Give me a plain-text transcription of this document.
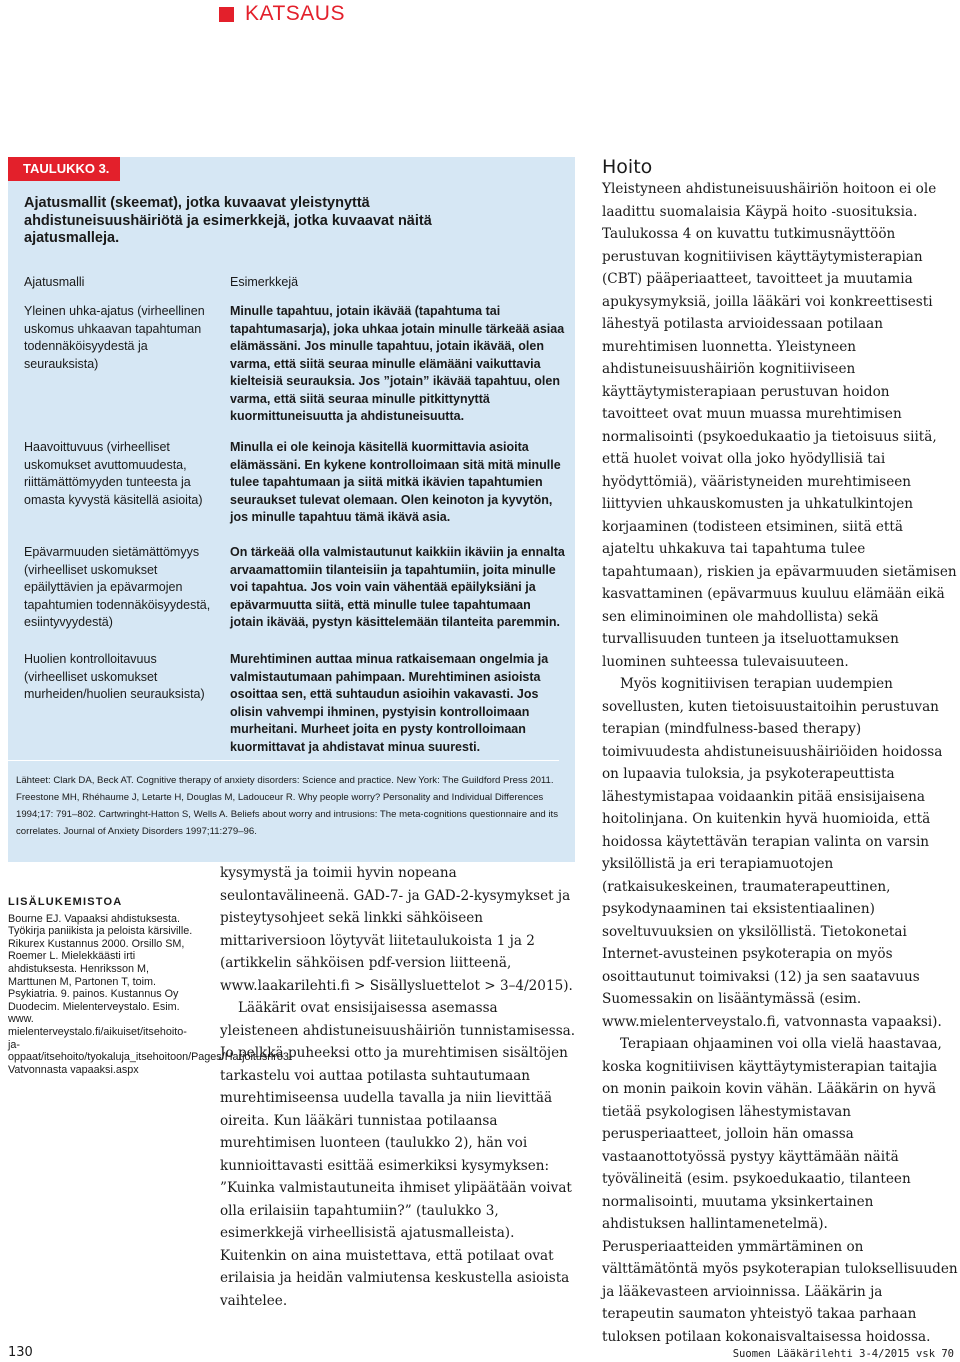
KATSAUS
TAULUKKO 3.
Ajatusmallit (skeemat), jotka kuvaavat yleistynyttä ahdistuneisuushäiriötä ja esimerkkejä, jotka kuvaavat näitä ajatusmalleja.
Ajatusmalli	Esimerkkejä
Yleinen uhka-ajatus (virheellinen uskomus uhkaavan tapahtuman todennäköisyydestä ja seurauksista)
Minulle tapahtuu, jotain ikävää (tapahtuma tai tapahtumasarja), joka uhkaa jotain minulle tärkeää asiaa elämässäni. Jos minulle tapahtuu, jotain ikävää, olen varma, että siitä seuraa minulle elämääni vaikuttavia kielteisiä seurauksia. Jos ”jotain” ikävää tapahtuu, olen varma, että siitä seuraa minulle pitkittynyttä kuormittuneisuutta ja ahdistuneisuutta.
Haavoittuvuus (virheelliset uskomukset avuttomuudesta, riittämättömyyden tunteesta ja omasta kyvystä käsitellä asioita)
Minulla ei ole keinoja käsitellä kuormittavia asioita elämässäni. En kykene kontrolloimaan sitä mitä minulle tulee tapahtumaan ja siitä mitkä ikävien tapahtumien seuraukset tulevat olemaan. Olen keinoton ja kyvytön, jos minulle tapahtuu tämä ikävä asia.
Epävarmuuden sietämättömyys (virheelliset uskomukset epäilyttävien ja epävarmojen tapahtumien todennäköisyydestä, esiintyvyydestä)
On tärkeää olla valmistautunut kaikkiin ikäviin ja ennalta arvaamattomiin tilanteisiin ja tapahtumiin, joita minulle voi tapahtua. Jos voin vain vähentää epäilyksiäni ja epävarmuutta siitä, että minulle tulee tapahtumaan jotain ikävää, pystyn käsittelemään tilanteita paremmin.
Huolien kontrolloitavuus (virheelliset uskomukset murheiden/huolien seurauksista)
Murehtiminen auttaa minua ratkaisemaan ongelmia ja valmistautumaan pahimpaan. Murehtiminen asioista osoittaa sen, että suhtaudun asioihin vakavasti. Jos olisin vahvempi ihminen, pystyisin kontrolloimaan murheitani. Murheet joita en pysty kontrolloimaan kuormittavat ja ahdistavat minua suuresti.
Lähteet: Clark DA, Beck AT. Cognitive therapy of anxiety disorders: Science and practice. New York: The Guildford Press 2011. Freestone MH, Rhéhaume J, Letarte H, Douglas M, Ladouceur R. Why people worry? Personality and Individual Differences 1994;17: 791–802. Cartwringht-Hatton S, Wells A. Beliefs about worry and intrusions: The meta-cognitions questionnaire and its correlates. Journal of Anxiety Disorders 1997;11:279–96.
LISÄLUKEMISTOA
Bourne EJ. Vapaaksi ahdistuksesta. Työkirja paniikista ja peloista kärsiville. Rikurex Kustannus 2000. Orsillo SM, Roemer L. Mielekkäästi irti ahdistuksesta. Henriksson M, Marttunen M, Partonen T, toim. Psykiatria. 9. painos. Kustannus Oy Duodecim. Mielenterveystalo. Esim. www. mielenterveystalo.fi/aikuiset/itsehoito-ja-oppaat/itsehoito/tyokaluja_itsehoitoon/Pages/Harjoitusnro3-Vatvonnasta vapaaksi.aspx

kysymystä ja toimii hyvin nopeana seulontavälineenä. GAD-7- ja GAD-2-kysymykset ja pisteytysohjeet sekä linkki sähköiseen mittariversioon löytyvät liitetaulukoista 1 ja 2 (artikkelin sähköisen pdf-version liitteenä, www.laakarilehti.fi > Sisällysluettelot > 3–4/2015).

Lääkärit ovat ensisijaisessa asemassa yleisteneen ahdistuneisuushäiriön tunnistamisessa. Jo pelkkä puheeksi otto ja murehtimisen sisältöjen tarkastelu voi auttaa potilasta suhtautumaan murehtimiseensa uudella tavalla ja niin lievittää oireita. Kun lääkäri tunnistaa potilaansa murehtimisen luonteen (taulukko 2), hän voi kunnioittavasti esittää esimerkiksi kysymyksen: ”Kuinka valmistautuneita ihmiset ylipäätään voivat olla erilaisiin tapahtumiin?” (taulukko 3, esimerkkejä virheellisistä ajatusmalleista). Kuitenkin on aina muistettava, että potilaat ovat erilaisia ja heidän valmiutensa keskustella asioista vaihtelee.

Hoito

Yleistyneen ahdistuneisuushäiriön hoitoon ei ole laadittu suomalaisia Käypä hoito -suosituksia. Taulukossa 4 on kuvattu tutkimusnäyttöön perustuvan kognitiivisen käyttäytymisterapian (CBT) pääperiaatteet, tavoitteet ja muutamia apukysymyksiä, joilla lääkäri voi konkreettisesti lähestyä potilasta arvioidessaan potilaan murehtimisen luonnetta. Yleistyneen ahdistuneisuushäiriön kognitiiviseen käyttäytymisterapiaan perustuvan hoidon tavoitteet ovat muun muassa murehtimisen normalisointi (psykoedukaatio ja tietoisuus siitä, että huolet voivat olla joko hyödyllisiä tai hyödyttömiä), vääristyneiden murehtimiseen liittyvien uhkauskomusten ja uhkatulkintojen korjaaminen (todisteen etsiminen, siitä että ajateltu uhkakuva tai tapahtuma tulee tapahtumaan), riskien ja epävarmuuden sietämisen kasvattaminen (epävarmuus kuuluu elämään eikä sen eliminoiminen ole mahdollista) sekä turvallisuuden tunteen ja itseluottamuksen luominen suhteessa tulevaisuuteen.

Myös kognitiivisen terapian uudempien sovellusten, kuten tietoisuustaitoihin perustuvan terapian (mindfulness-based therapy) toimivuudesta ahdistuneisuushäiriöiden hoidossa on lupaavia tuloksia, ja psykoterapeuttista lähestymistapaa voidaankin pitää ensisijaisena hoitolinjana. On kuitenkin hyvä huomioida, että hoidossa käytettävän terapian valinta on varsin yksilöllistä ja eri terapiamuotojen (ratkaisukeskeinen, traumaterapeuttinen, psykodynaaminen tai eksistentiaalinen) soveltuvuuksien on yksilöllistä. Tietokonetai Internet-avusteinen psykoterapia on myös osoittautunut toimivaksi (12) ja sen saatavuus Suomessakin on lisääntymässä (esim. www.mielenterveystalo.fi, vatvonnasta vapaaksi).

Terapiaan ohjaaminen voi olla vielä haastavaa, koska kognitiivisen käyttäytymisterapian taitajia on monin paikoin kovin vähän. Lääkärin on hyvä tietää psykologisen lähestymistavan perusperiaatteet, jolloin hän omassa vastaanottotyössä pystyy käyttämään näitä työvälineitä (esim. psykoedukaatio, tilanteen normalisointi, muutama yksinkertainen ahdistuksen hallintamenetelmä). Perusperiaatteiden ymmärtäminen on välttämätöntä myös psykoterapian tuloksellisuuden ja lääkevasteen arvioinnissa. Lääkärin ja terapeutin saumaton yhteistyö takaa parhaan tuloksen potilaan kokonaisvaltaisessa hoidossa.

130	Suomen Lääkärilehti 3-4/2015 vsk 70
